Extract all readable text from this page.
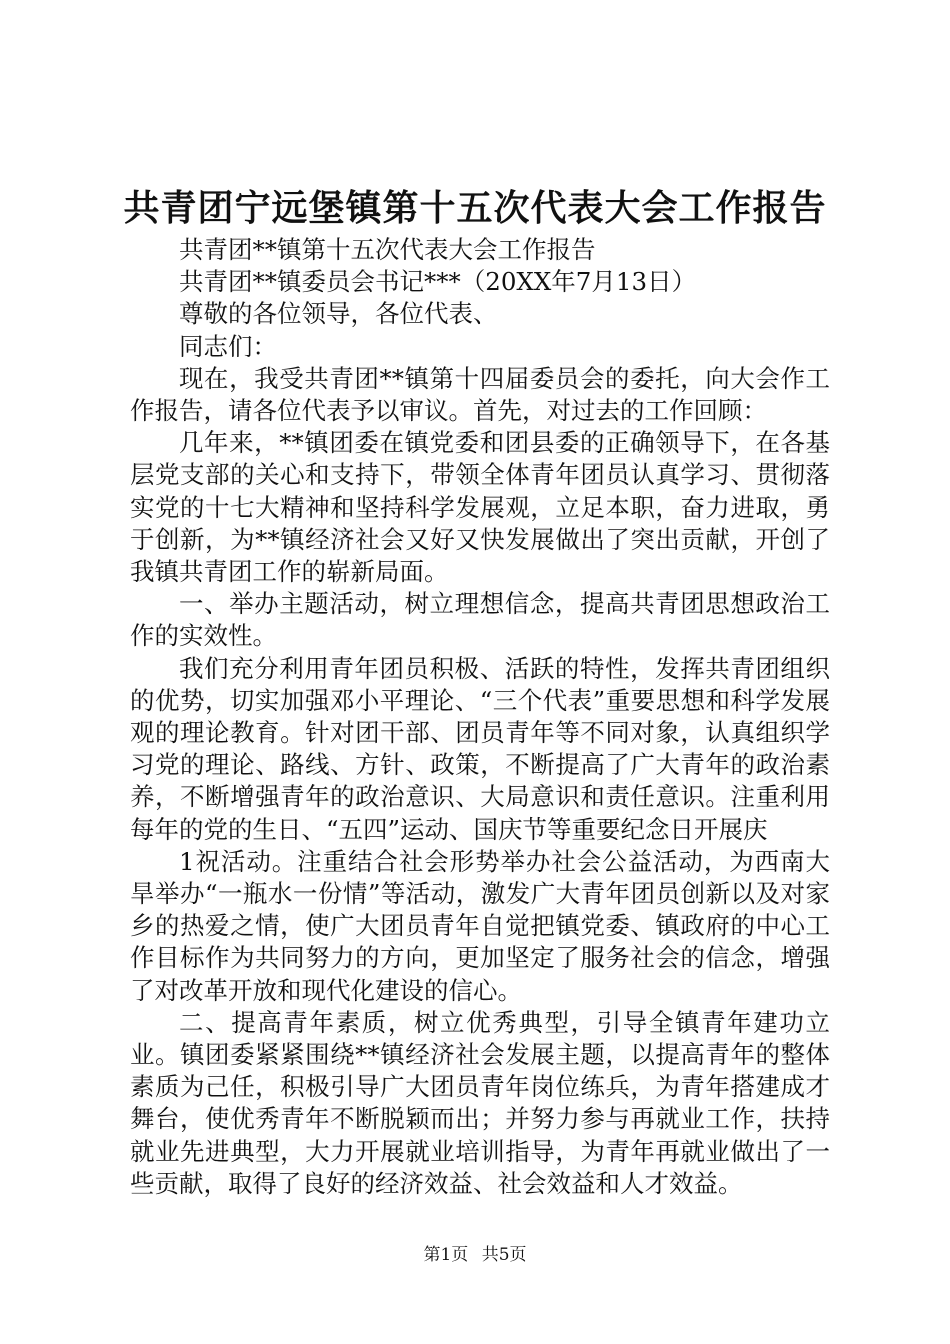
共青团宁远堡镇第十五次代表大会工作报告

共青团**镇第十五次代表大会工作报告

共青团**镇委员会书记***（20XX年7月13日）

尊敬的各位领导，各位代表、

同志们：

现在，我受共青团**镇第十四届委员会的委托，向大会作工作报告，请各位代表予以审议。首先，对过去的工作回顾：

几年来，**镇团委在镇党委和团县委的正确领导下，在各基层党支部的关心和支持下，带领全体青年团员认真学习、贯彻落实党的十七大精神和坚持科学发展观，立足本职，奋力进取，勇于创新，为**镇经济社会又好又快发展做出了突出贡献，开创了我镇共青团工作的崭新局面。

一、举办主题活动，树立理想信念，提高共青团思想政治工作的实效性。

我们充分利用青年团员积极、活跃的特性，发挥共青团组织的优势，切实加强邓小平理论、“三个代表”重要思想和科学发展观的理论教育。针对团干部、团员青年等不同对象，认真组织学习党的理论、路线、方针、政策，不断提高了广大青年的政治素养，不断增强青年的政治意识、大局意识和责任意识。注重利用每年的党的生日、“五四”运动、国庆节等重要纪念日开展庆

1祝活动。注重结合社会形势举办社会公益活动，为西南大旱举办“一瓶水一份情”等活动，激发广大青年团员创新以及对家乡的热爱之情，使广大团员青年自觉把镇党委、镇政府的中心工作目标作为共同努力的方向，更加坚定了服务社会的信念，增强了对改革开放和现代化建设的信心。

二、提高青年素质，树立优秀典型，引导全镇青年建功立业。镇团委紧紧围绕**镇经济社会发展主题，以提高青年的整体素质为己任，积极引导广大团员青年岗位练兵，为青年搭建成才舞台，使优秀青年不断脱颖而出；并努力参与再就业工作，扶持就业先进典型，大力开展就业培训指导，为青年再就业做出了一些贡献，取得了良好的经济效益、社会效益和人才效益。

第1页 共5页
